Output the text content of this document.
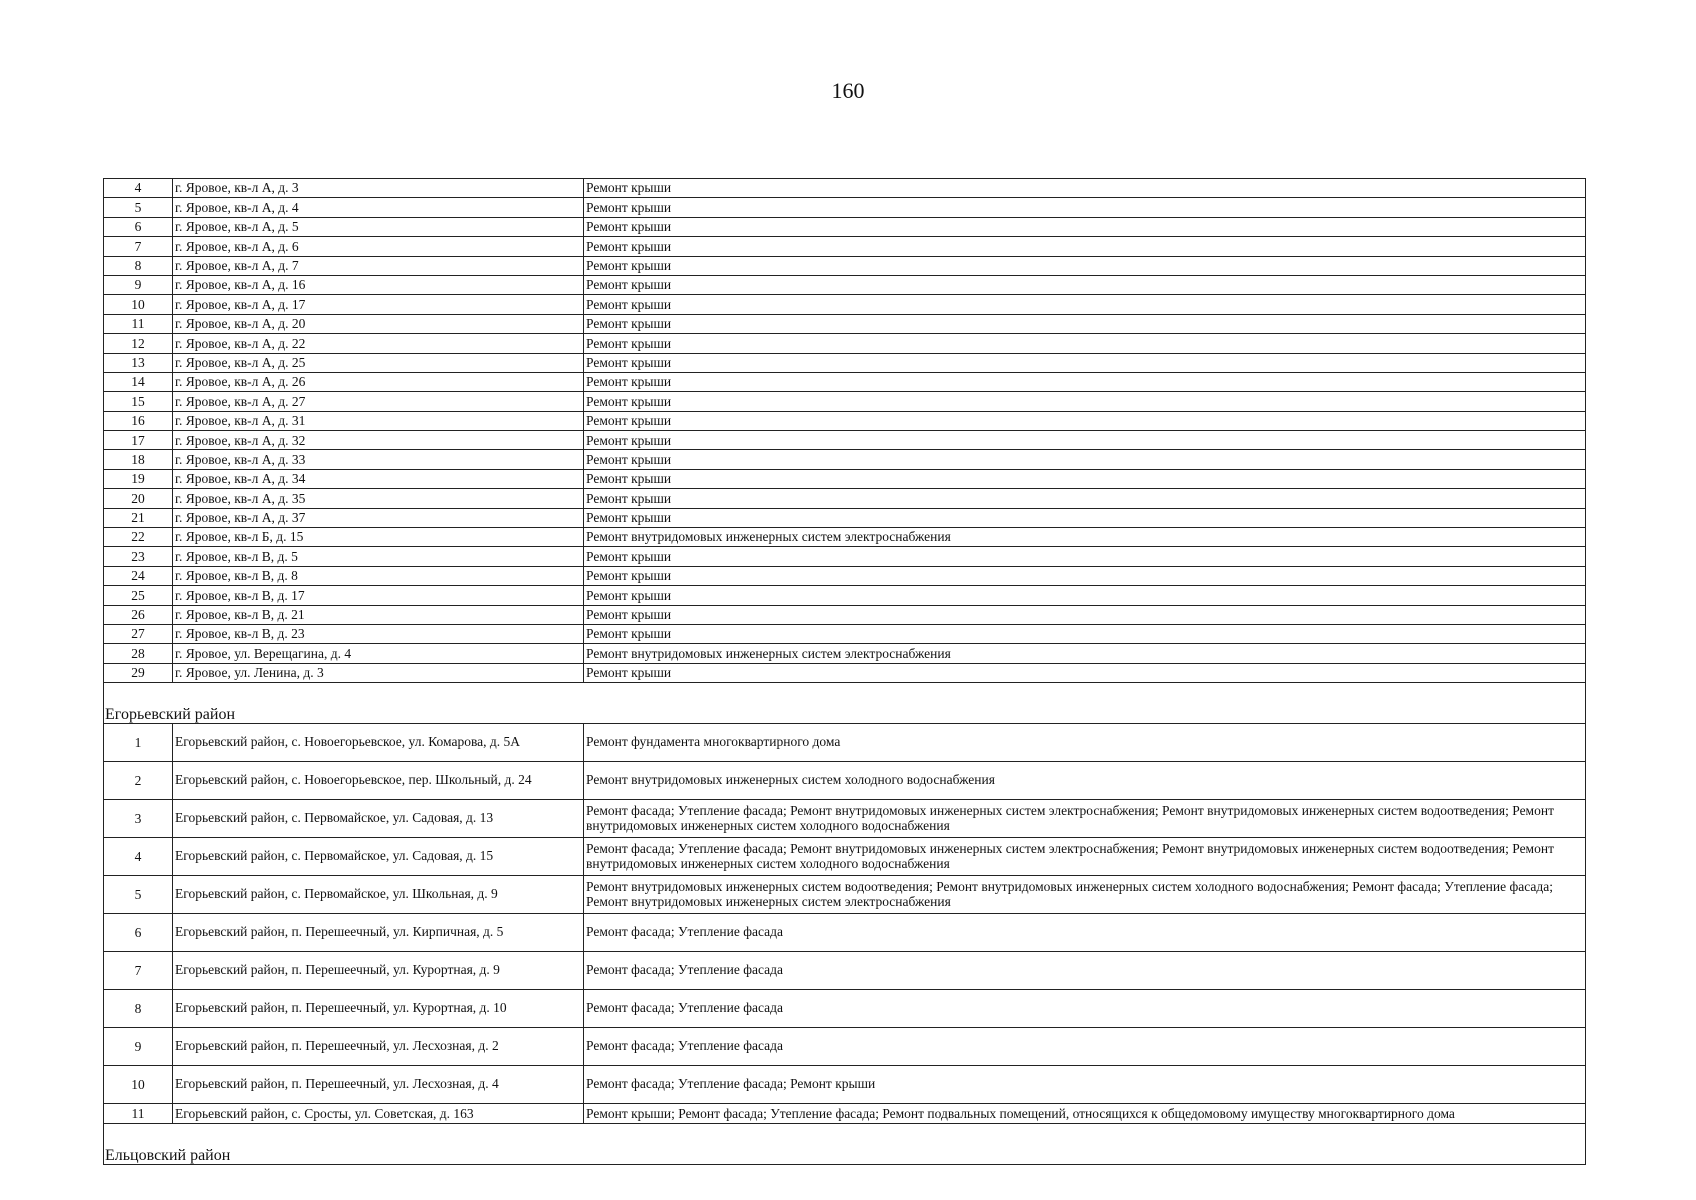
160
4	г. Яровое, кв-л А, д. 3	Ремонт крыши
5	г. Яровое, кв-л А, д. 4	Ремонт крыши
6	г. Яровое, кв-л А, д. 5	Ремонт крыши
7	г. Яровое, кв-л А, д. 6	Ремонт крыши
8	г. Яровое, кв-л А, д. 7	Ремонт крыши
9	г. Яровое, кв-л А, д. 16	Ремонт крыши
10	г. Яровое, кв-л А, д. 17	Ремонт крыши
11	г. Яровое, кв-л А, д. 20	Ремонт крыши
12	г. Яровое, кв-л А, д. 22	Ремонт крыши
13	г. Яровое, кв-л А, д. 25	Ремонт крыши
14	г. Яровое, кв-л А, д. 26	Ремонт крыши
15	г. Яровое, кв-л А, д. 27	Ремонт крыши
16	г. Яровое, кв-л А, д. 31	Ремонт крыши
17	г. Яровое, кв-л А, д. 32	Ремонт крыши
18	г. Яровое, кв-л А, д. 33	Ремонт крыши
19	г. Яровое, кв-л А, д. 34	Ремонт крыши
20	г. Яровое, кв-л А, д. 35	Ремонт крыши
21	г. Яровое, кв-л А, д. 37	Ремонт крыши
22	г. Яровое, кв-л Б, д. 15	Ремонт внутридомовых инженерных систем электроснабжения
23	г. Яровое, кв-л В, д. 5	Ремонт крыши
24	г. Яровое, кв-л В, д. 8	Ремонт крыши
25	г. Яровое, кв-л В, д. 17	Ремонт крыши
26	г. Яровое, кв-л В, д. 21	Ремонт крыши
27	г. Яровое, кв-л В, д. 23	Ремонт крыши
28	г. Яровое, ул. Верещагина, д. 4	Ремонт внутридомовых инженерных систем электроснабжения
29	г. Яровое, ул. Ленина, д. 3	Ремонт крыши

Егорьевский район		
1	Егорьевский район, с. Новоегорьевское, ул. Комарова, д. 5А	Ремонт фундамента многоквартирного дома
2	Егорьевский район, с. Новоегорьевское, пер. Школьный, д. 24	Ремонт внутридомовых инженерных систем холодного водоснабжения
3	Егорьевский район, с. Первомайское, ул. Садовая, д. 13	Ремонт фасада; Утепление фасада; Ремонт внутридомовых инженерных систем электроснабжения; Ремонт внутридомовых инженерных систем водоотведения; Ремонт внутридомовых инженерных систем холодного водоснабжения
4	Егорьевский район, с. Первомайское, ул. Садовая, д. 15	Ремонт фасада; Утепление фасада; Ремонт внутридомовых инженерных систем электроснабжения; Ремонт внутридомовых инженерных систем водоотведения; Ремонт внутридомовых инженерных систем холодного водоснабжения
5	Егорьевский район, с. Первомайское, ул. Школьная, д. 9	Ремонт внутридомовых инженерных систем водоотведения; Ремонт внутридомовых инженерных систем холодного водоснабжения; Ремонт фасада; Утепление фасада; Ремонт внутридомовых инженерных систем электроснабжения
6	Егорьевский район, п. Перешеечный, ул. Кирпичная, д. 5	Ремонт фасада; Утепление фасада
7	Егорьевский район, п. Перешеечный, ул. Курортная, д. 9	Ремонт фасада; Утепление фасада
8	Егорьевский район, п. Перешеечный, ул. Курортная, д. 10	Ремонт фасада; Утепление фасада
9	Егорьевский район, п. Перешеечный, ул. Лесхозная, д. 2	Ремонт фасада; Утепление фасада
10	Егорьевский район, п. Перешеечный, ул. Лесхозная, д. 4	Ремонт фасада; Утепление фасада; Ремонт крыши
11	Егорьевский район, с. Сросты, ул. Советская, д. 163	Ремонт крыши; Ремонт фасада; Утепление фасада; Ремонт подвальных помещений, относящихся к общедомовому имуществу многоквартирного дома

Ельцовский район		
